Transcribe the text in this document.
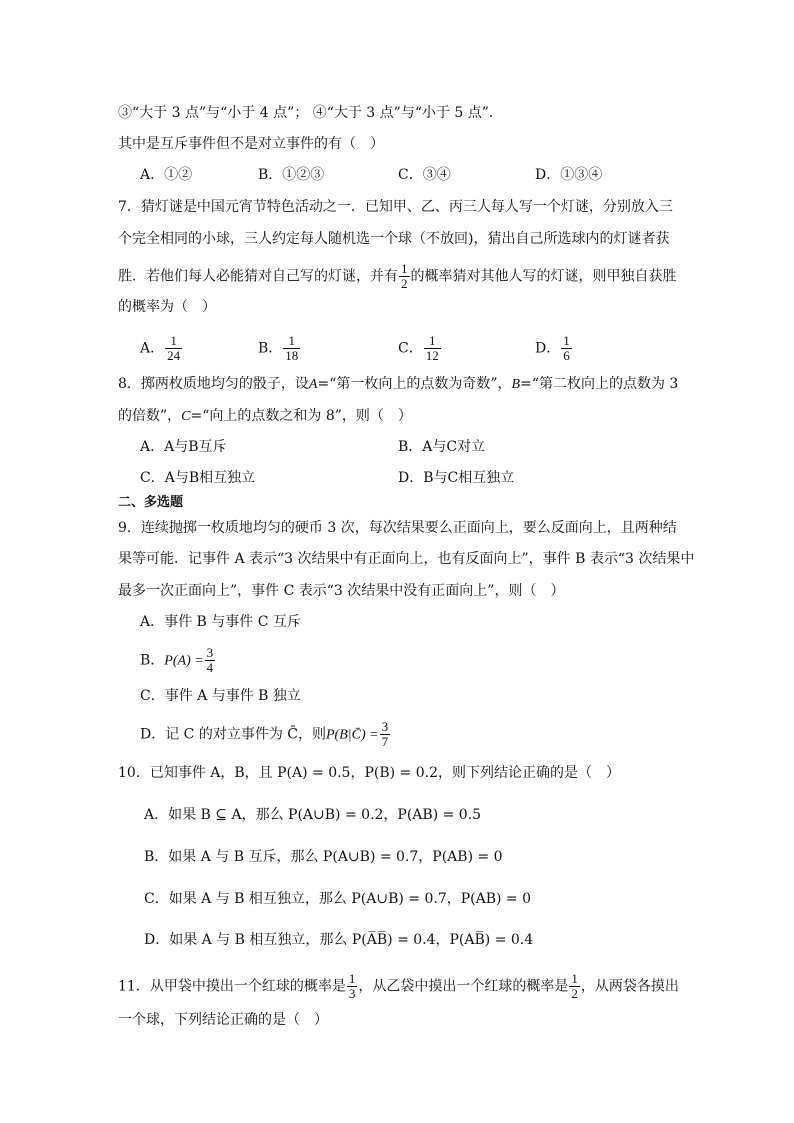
③“大于 3 点”与“小于 4 点”； ④“大于 3 点”与“小于 5 点”．
其中是互斥事件但不是对立事件的有（　）
A．①②	B．①②③	C．③④	D．①③④
7．猜灯谜是中国元宵节特色活动之一．已知甲、乙、丙三人每人写一个灯谜，分别放入三
个完全相同的小球，三人约定每人随机选一个球（不放回)，猜出自己所选球内的灯谜者获
胜．若他们每人必能猜对自己写的灯谜，并有 $\frac{1}{2}$ 的概率猜对其他人写的灯谜，则甲独自获胜
的概率为（　）
A． $\frac{1}{24}$	B． $\frac{1}{18}$	C． $\frac{1}{12}$	D． $\frac{1}{6}$
8．掷两枚质地均匀的骰子，设A=“第一枚向上的点数为奇数”，B=“第二枚向上的点数为 3
的倍数”，C=“向上的点数之和为 8”，则（　）
A．A与B互斥	B．A与C对立
C．A与B相互独立	D．B与C相互独立
二、多选题
9．连续抛掷一枚质地均匀的硬币 3 次，每次结果要么正面向上，要么反面向上，且两种结
果等可能．记事件 A 表示“3 次结果中有正面向上，也有反面向上”，事件 B 表示“3 次结果中
最多一次正面向上”，事件 C 表示“3 次结果中没有正面向上”，则（　）
A．事件 B 与事件 C 互斥
B．$P(A) = \frac{3}{4}$
C．事件 A 与事件 B 独立
D．记 C 的对立事件为 C̄，则P(B|C̄) = $\frac{3}{7}$
10．已知事件 A，B，且 P(A) = 0.5，P(B) = 0.2，则下列结论正确的是（　）
A．如果 B ⊆ A，那么 P(A∪B) = 0.2，P(AB) = 0.5
B．如果 A 与 B 互斥，那么 P(A∪B) = 0.7，P(AB) = 0
C．如果 A 与 B 相互独立，那么 P(A∪B) = 0.7，P(AB) = 0
D．如果 A 与 B 相互独立，那么 P(A̅B̅) = 0.4，P(AB̅) = 0.4
11．从甲袋中摸出一个红球的概率是 $\frac{1}{3}$ ，从乙袋中摸出一个红球的概率是 $\frac{1}{2}$ ，从两袋各摸出
一个球，下列结论正确的是（　）
